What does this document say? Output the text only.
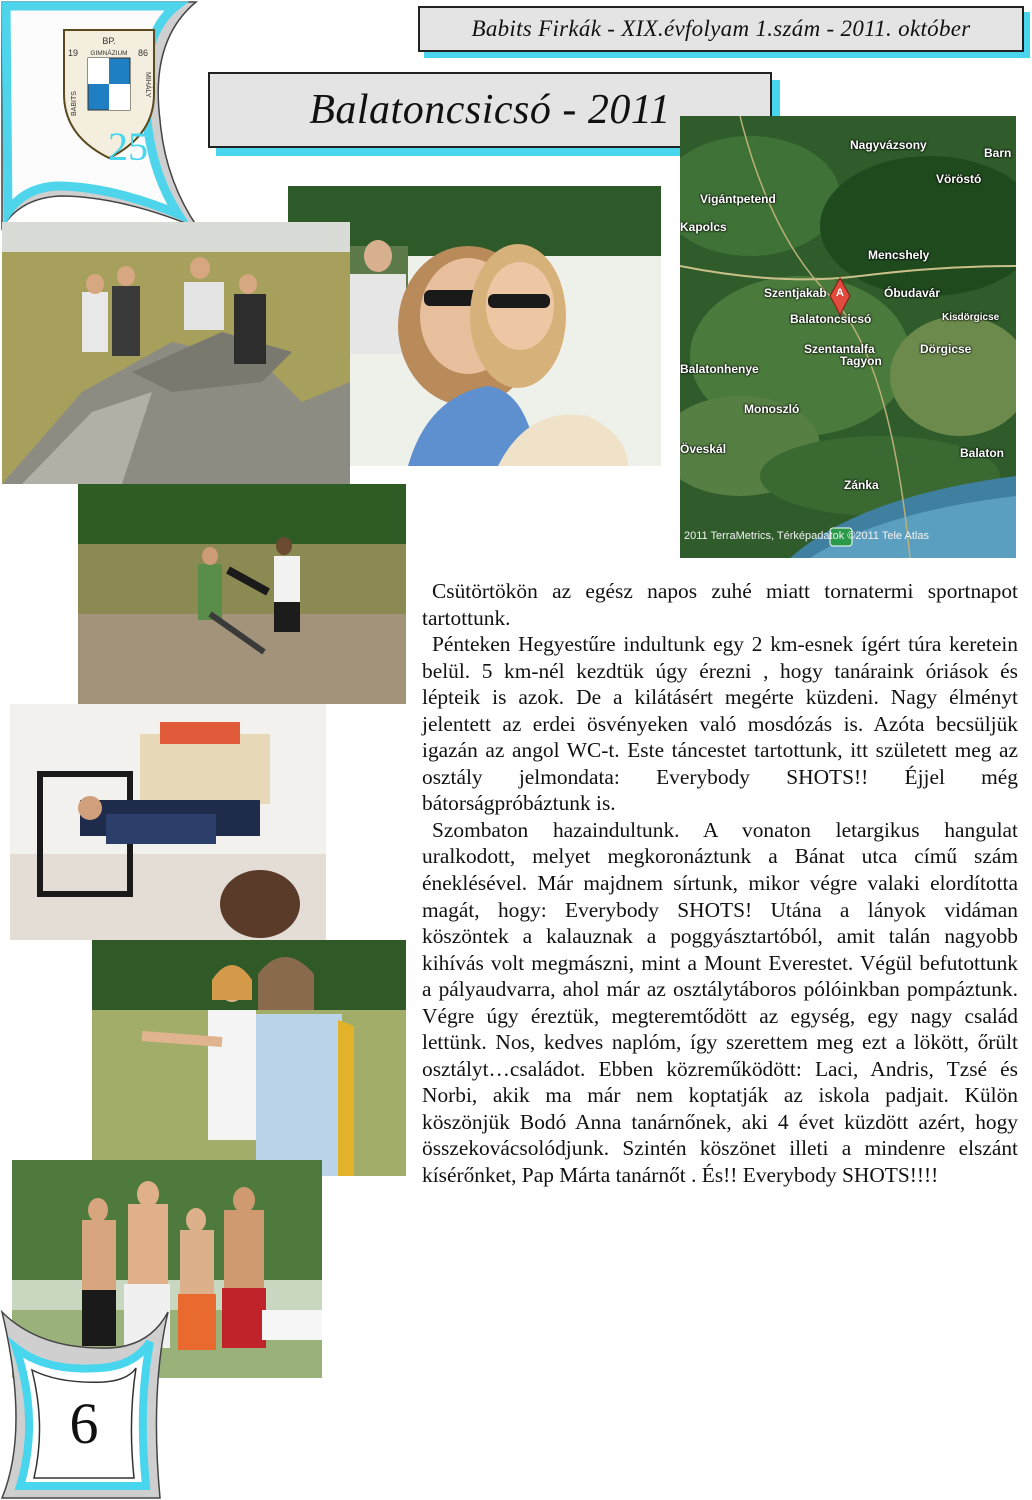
BP.
19	86
GIMNÁZIUM
BABITS
MIHÁLY
25
Babits Firkák - XIX.évfolyam 1.szám - 2011. október
Balatoncsicsó - 2011
A
Nagyvázsony
Barn
Vöröstó
Vigántpetend
Kapolcs
Mencshely
Szentjakab	Óbudavár
Balatoncsicsó	Kisdörgicse
Szentantalfa	Dörgicse
Balatonhenye
Tagyon
Monoszló
Öveskál	Balaton
Zánka
2011 TerraMetrics, Térképadatok ©2011 Tele Atlas

Csütörtökön az egész napos zuhé miatt tornatermi sportnapot tartottunk.

Pénteken Hegyestűre indultunk egy 2 km-esnek ígért túra keretein belül. 5 km-nél kezdtük úgy érezni , hogy tanáraink óriások és lépteik is azok. De a kilátásért megérte küzdeni. Nagy élményt jelentett az erdei ösvényeken való mosdózás is. Azóta becsüljük igazán az angol WC-t. Este táncestet tartottunk, itt született meg az osztály jelmondata: Everybody SHOTS!! Éjjel még bátorságpróbáztunk is.

Szombaton hazaindultunk. A vonaton letargikus hangulat uralkodott, melyet megkoronáztunk a Bánat utca című szám éneklésével. Már majdnem sírtunk, mikor végre valaki elordította magát, hogy: Everybody SHOTS! Utána a lányok vidáman köszöntek a kalauznak a poggyásztartóból, amit talán nagyobb kihívás volt megmászni, mint a Mount Everestet. Végül befutottunk a pályaudvarra, ahol már az osztálytáboros pólóinkban pompáztunk. Végre úgy éreztük, megteremtődött az egység, egy nagy család lettünk. Nos, kedves naplóm, így szerettem meg ezt a lökött, őrült osztályt…családot. Ebben közreműködött: Laci, Andris, Tzsé és Norbi, akik ma már nem koptatják az iskola padjait. Külön köszönjük Bodó Anna tanárnőnek, aki 4 évet küzdött azért, hogy összekovácsolódjunk. Szintén köszönet illeti a mindenre elszánt kísérőnket, Pap Márta tanárnőt . És!! Everybody SHOTS!!!!

6
